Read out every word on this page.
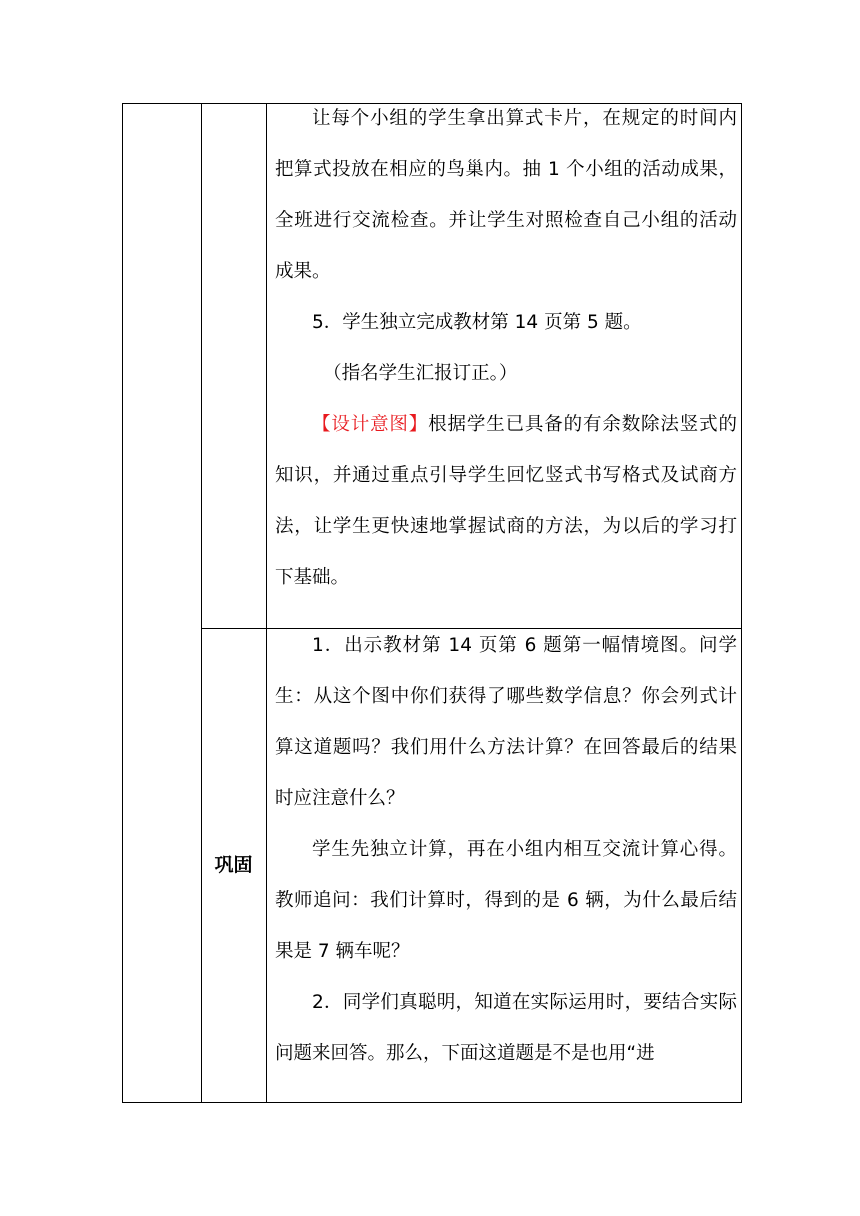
让每个小组的学生拿出算式卡片，在规定的时间内把算式投放在相应的鸟巢内。抽 1 个小组的活动成果，全班进行交流检查。并让学生对照检查自己小组的活动成果。

5．学生独立完成教材第 14 页第 5 题。

（指名学生汇报订正。）

【设计意图】根据学生已具备的有余数除法竖式的知识，并通过重点引导学生回忆竖式书写格式及试商方法，让学生更快速地掌握试商的方法，为以后的学习打下基础。

巩固

1．出示教材第 14 页第 6 题第一幅情境图。问学生：从这个图中你们获得了哪些数学信息？你会列式计算这道题吗？我们用什么方法计算？在回答最后的结果时应注意什么？

学生先独立计算，再在小组内相互交流计算心得。教师追问：我们计算时，得到的是 6 辆，为什么最后结果是 7 辆车呢？

2．同学们真聪明，知道在实际运用时，要结合实际问题来回答。那么，下面这道题是不是也用“进
